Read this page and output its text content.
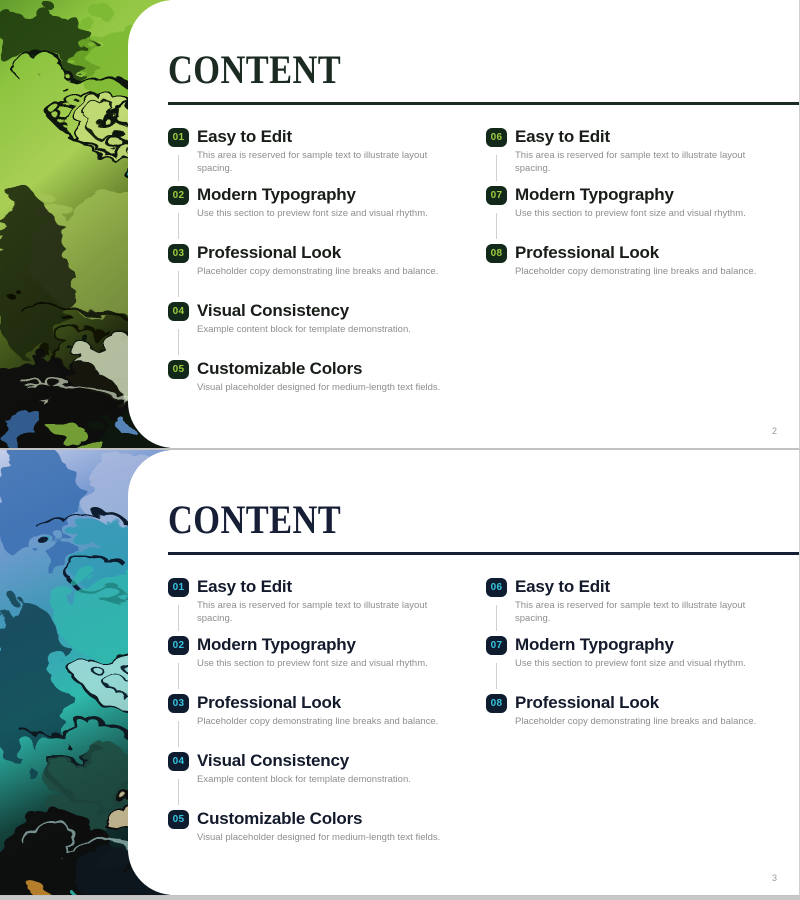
CONTENT
01 Easy to Edit
This area is reserved for sample text to illustrate layout spacing.
02 Modern Typography
Use this section to preview font size and visual rhythm.
03 Professional Look
Placeholder copy demonstrating line breaks and balance.
04 Visual Consistency
Example content block for template demonstration.
05 Customizable Colors
Visual placeholder designed for medium-length text fields.
06 Easy to Edit
This area is reserved for sample text to illustrate layout spacing.
07 Modern Typography
Use this section to preview font size and visual rhythm.
08 Professional Look
Placeholder copy demonstrating line breaks and balance.
2
CONTENT
01 Easy to Edit
This area is reserved for sample text to illustrate layout spacing.
02 Modern Typography
Use this section to preview font size and visual rhythm.
03 Professional Look
Placeholder copy demonstrating line breaks and balance.
04 Visual Consistency
Example content block for template demonstration.
05 Customizable Colors
Visual placeholder designed for medium-length text fields.
06 Easy to Edit
This area is reserved for sample text to illustrate layout spacing.
07 Modern Typography
Use this section to preview font size and visual rhythm.
08 Professional Look
Placeholder copy demonstrating line breaks and balance.
3
